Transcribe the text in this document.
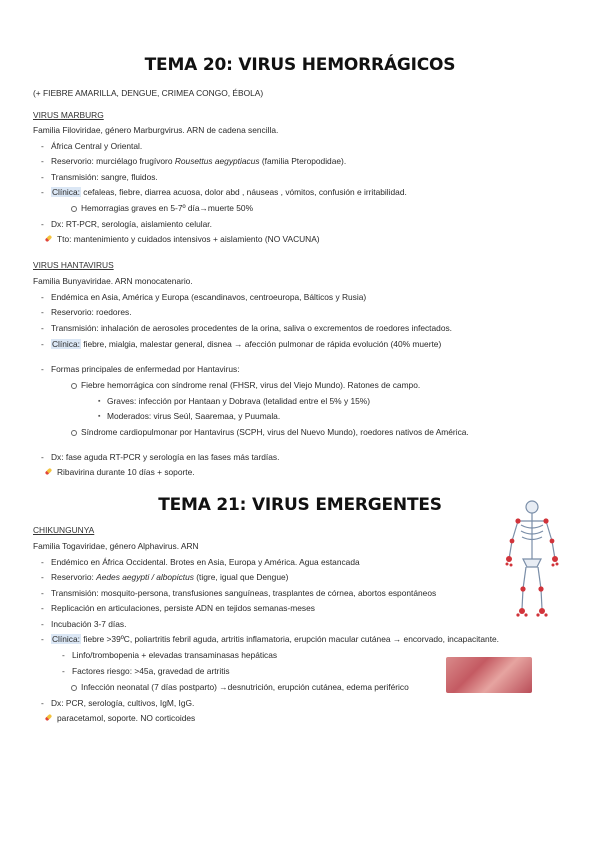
TEMA 20: VIRUS HEMORRÁGICOS
(+ FIEBRE AMARILLA, DENGUE, CRIMEA CONGO, ÉBOLA)
VIRUS MARBURG
Familia Filoviridae, género Marburgvirus. ARN de cadena sencilla.
- África Central y Oriental.
- Reservorio: murciélago frugívoro Rousettus aegyptiacus (familia Pteropodidae).
- Transmisión: sangre, fluidos.
- Clínica: cefaleas, fiebre, diarrea acuosa, dolor abd , náuseas , vómitos, confusión e irritabilidad.
Hemorragias graves en 5-7º día→muerte 50%
- Dx: RT-PCR, serología, aislamiento celular.
Tto: mantenimiento y cuidados intensivos + aislamiento (NO VACUNA)
VIRUS HANTAVIRUS
Familia Bunyaviridae. ARN monocatenario.
- Endémica en Asia, América y Europa (escandinavos, centroeuropa, Bálticos y Rusia)
- Reservorio: roedores.
- Transmisión: inhalación de aerosoles procedentes de la orina, saliva o excrementos de roedores infectados.
- Clínica: fiebre, mialgia, malestar general, disnea → afección pulmonar de rápida evolución (40% muerte)
- Formas principales de enfermedad por Hantavirus:
Fiebre hemorrágica con síndrome renal (FHSR, virus del Viejo Mundo). Ratones de campo.
▪ Graves: infección por Hantaan y Dobrava (letalidad entre el 5% y 15%)
▪ Moderados: virus Seúl, Saaremaa, y Puumala.
Síndrome cardiopulmonar por Hantavirus (SCPH, virus del Nuevo Mundo), roedores nativos de América.
- Dx: fase aguda RT-PCR y serología en las fases más tardías.
Ribavirina durante 10 días + soporte.
TEMA 21: VIRUS EMERGENTES
CHIKUNGUNYA
Familia Togaviridae, género Alphavirus. ARN
- Endémico en África Occidental. Brotes en Asia, Europa y América. Agua estancada
- Reservorio: Aedes aegypti / albopictus (tigre, igual que Dengue)
- Transmisión: mosquito-persona, transfusiones sanguíneas, trasplantes de córnea, abortos espontáneos
- Replicación en articulaciones, persiste ADN en tejidos semanas-meses
- Incubación 3-7 días.
- Clínica: fiebre >39ºC, poliartritis febril aguda, artritis inflamatoria, erupción macular cutánea → encorvado, incapacitante.
- Linfo/trombopenia + elevadas transaminasas hepáticas
- Factores riesgo: >45a, gravedad de artritis
Infección neonatal (7 días postparto) →desnutrición, erupción cutánea, edema periférico
- Dx: PCR, serología, cultivos, IgM, IgG.
paracetamol, soporte. NO corticoides
